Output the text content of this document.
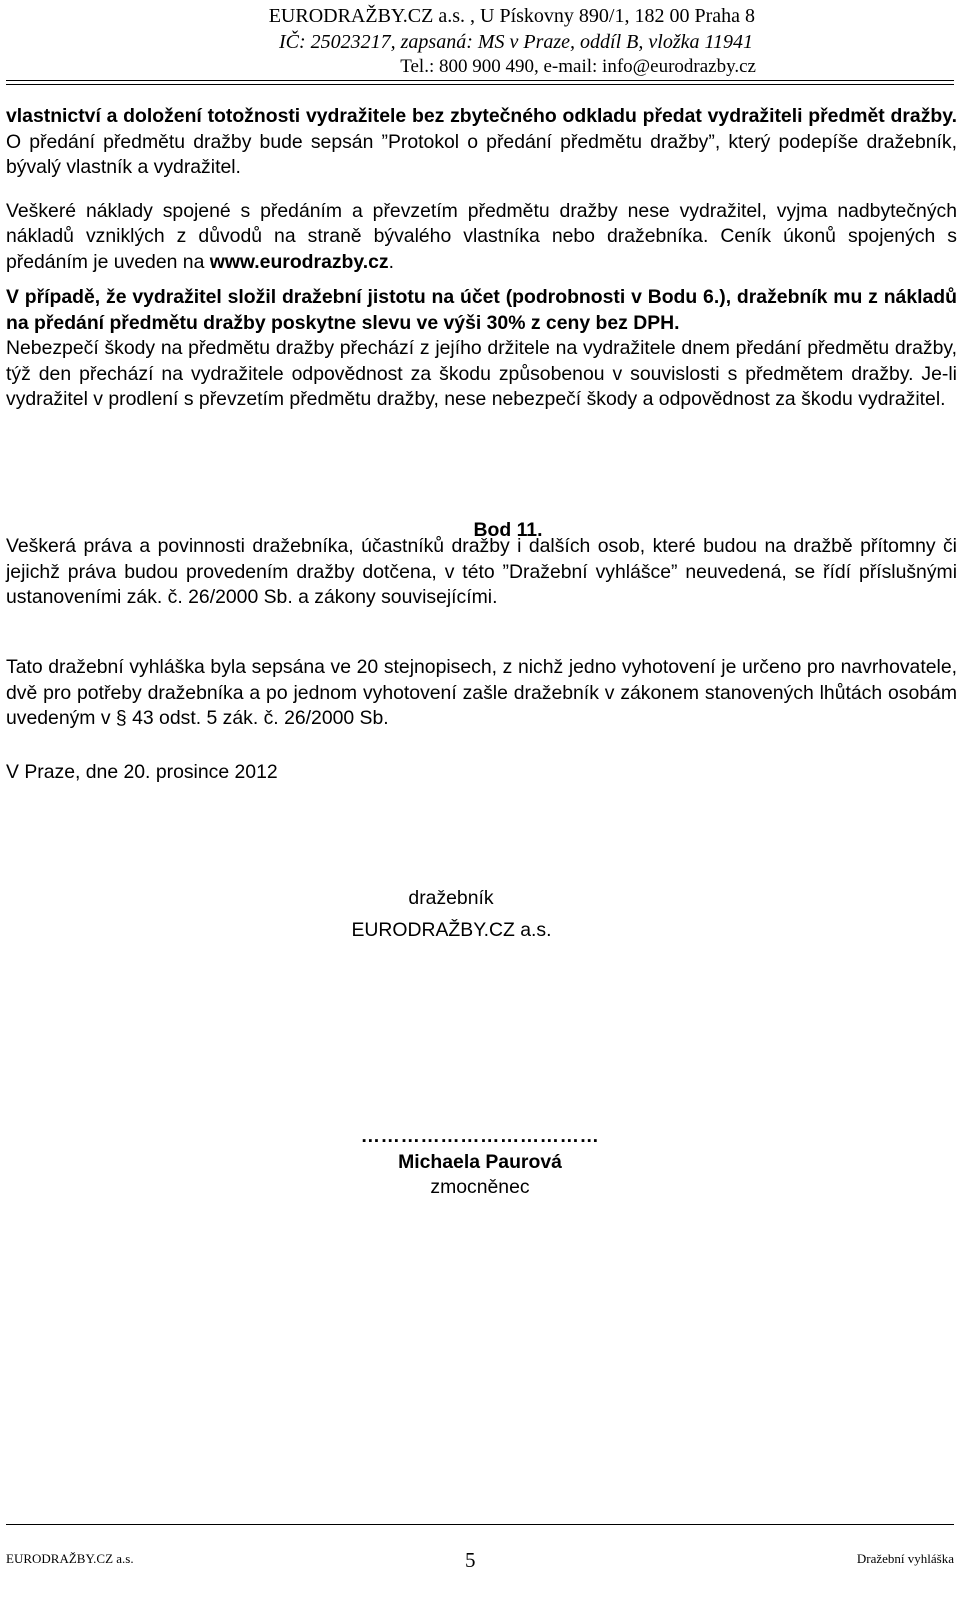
EURODRAŽBY.CZ a.s. , U Pískovny 890/1, 182 00 Praha 8
IČ: 25023217, zapsaná: MS v Praze, oddíl B, vložka 11941
Tel.: 800 900 490, e-mail: info@eurodrazby.cz

vlastnictví a doložení totožnosti vydražitele bez zbytečného odkladu předat vydražiteli předmět dražby. O předání předmětu dražby bude sepsán ”Protokol o předání předmětu dražby”, který podepíše dražebník, bývalý vlastník a vydražitel.

Veškeré náklady spojené s předáním a převzetím předmětu dražby nese vydražitel, vyjma nadbytečných nákladů vzniklých z důvodů na straně bývalého vlastníka nebo dražebníka. Ceník úkonů spojených s předáním je uveden na www.eurodrazby.cz.

V případě, že vydražitel složil dražební jistotu na účet (podrobnosti v Bodu 6.), dražebník mu z nákladů na předání předmětu dražby poskytne slevu ve výši 30% z ceny bez DPH.

Nebezpečí škody na předmětu dražby přechází z jejího držitele na vydražitele dnem předání předmětu dražby, týž den přechází na vydražitele odpovědnost za škodu způsobenou v souvislosti s předmětem dražby. Je-li vydražitel v prodlení s převzetím předmětu dražby, nese nebezpečí škody a odpovědnost za škodu vydražitel.

Bod 11.
Veškerá práva a povinnosti dražebníka, účastníků dražby i dalších osob, které budou na dražbě přítomny či jejichž práva budou provedením dražby dotčena, v této ”Dražební vyhlášce” neuvedená, se řídí příslušnými ustanoveními zák. č. 26/2000 Sb. a zákony souvisejícími.
Tato dražební vyhláška byla sepsána ve 20 stejnopisech, z nichž jedno vyhotovení je určeno pro navrhovatele, dvě pro potřeby dražebníka a po jednom vyhotovení zašle dražebník v zákonem stanovených lhůtách osobám uvedeným v § 43 odst. 5 zák. č. 26/2000 Sb.
V Praze, dne 20. prosince 2012
dražebník
EURODRAŽBY.CZ a.s.
………………………………
Michaela Paurová
zmocněnec
EURODRAŽBY.CZ a.s.	5	Dražební vyhláška
